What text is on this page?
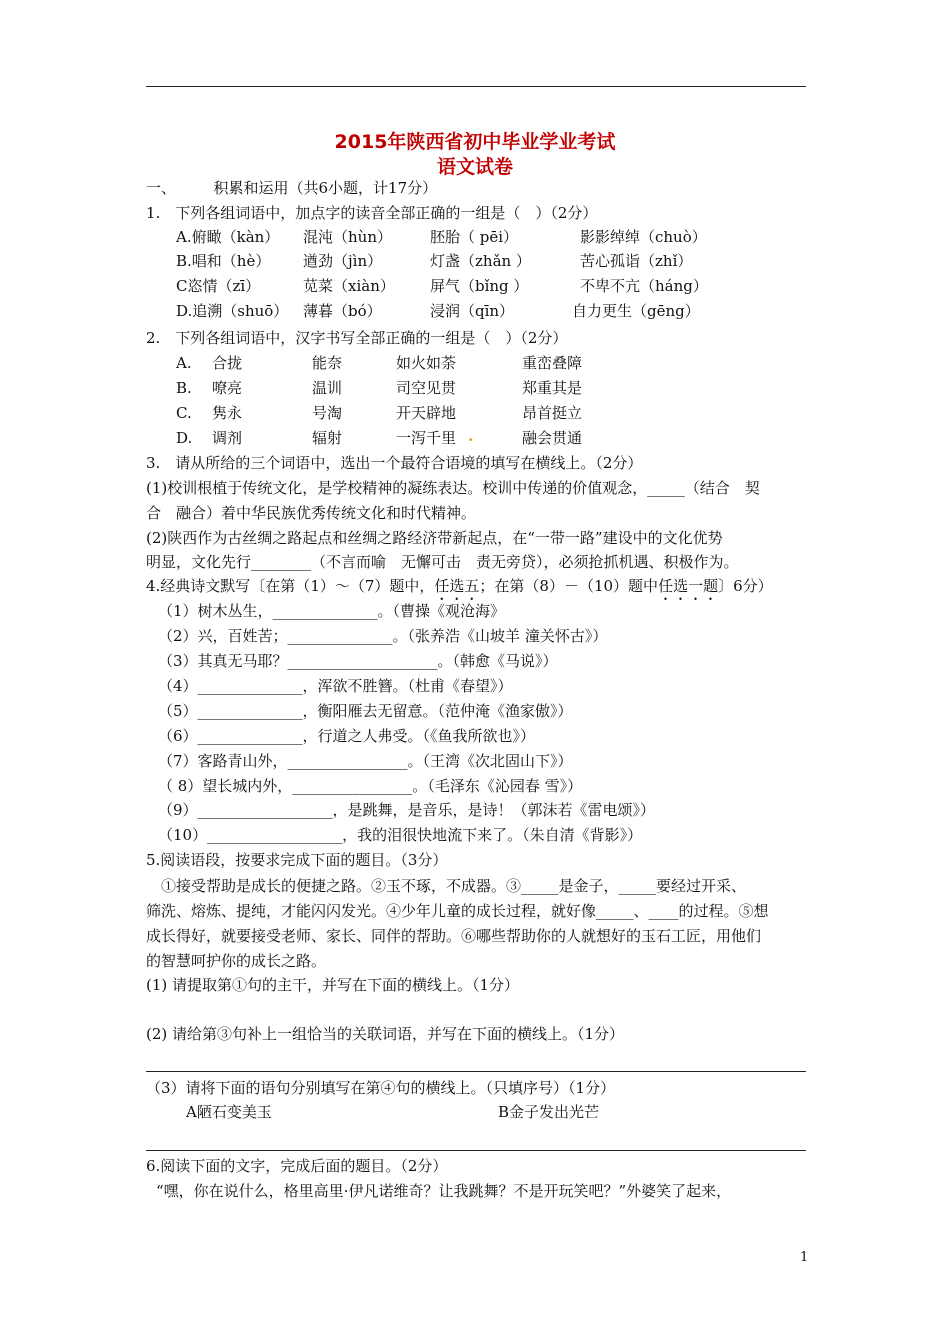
2015年陕西省初中毕业学业考试
语文试卷
一、　　　积累和运用（共6小题，计17分）
1.　下列各组词语中，加点字的读音全部正确的一组是（　）（2分）
A.俯瞰（kàn） 混沌（hùn）	胚胎（ pēi）	影影绰绰（chuò）
B.唱和（hè） 遒劲（jìn）	灯盏（zhǎn ）	苦心孤诣（zhǐ）
C恣情（zī）	苋菜（xiàn） 屏气（bǐng ）	不卑不亢（háng）
D.追溯（shuō） 薄暮（bó）	浸润（qīn）	自力更生（gēng）
2.　下列各组词语中，汉字书写全部正确的一组是（　）（2分）
A. 合拢	能奈	如火如荼	重峦叠障
B. 嘹亮	温训	司空见贯	郑重其是
C. 隽永	号淘	开天辟地	昂首挺立
D. 调剂	辐射	一泻千里 .	融会贯通
3.　请从所给的三个词语中，选出一个最符合语境的填写在横线上。（2分）
(1)校训根植于传统文化，是学校精神的凝练表达。校训中传递的价值观念，_____（结合　契
合　融合）着中华民族优秀传统文化和时代精神。
(2)陕西作为古丝绸之路起点和丝绸之路经济带新起点，在“一带一路”建设中的文化优势
明显，文化先行________（不言而喻　无懈可击　责无旁贷），必须抢抓机遇、积极作为。
4.经典诗文默写〔在第（1）～（7）题中，任选五；在第（8）－（10）题中任选一题〕6分）
（1）树木丛生，______________。（曹操《观沧海》
（2）兴，百姓苦；______________。（张养浩《山坡羊 潼关怀古》）
（3）其真无马耶？____________________。（韩愈《马说》）
（4）______________，浑欲不胜簪。（杜甫《春望》）
（5）______________，衡阳雁去无留意。（范仲淹《渔家傲》）
（6）______________，行道之人弗受。（《鱼我所欲也》）
（7）客路青山外，________________。（王湾《次北固山下》）
（ 8）望长城内外，________________。（毛泽东《沁园春 雪》）
（9）__________________，是跳舞，是音乐，是诗！（郭沫若《雷电颂》）
（10）__________________，我的泪很快地流下来了。（朱自清《背影》）
5.阅读语段，按要求完成下面的题目。（3分）
　①接受帮助是成长的便捷之路。②玉不琢，不成器。③_____是金子，_____要经过开采、
筛洗、熔炼、提纯，才能闪闪发光。④少年儿童的成长过程，就好像_____、____的过程。⑤想
成长得好，就要接受老师、家长、同伴的帮助。⑥哪些帮助你的人就想好的玉石工匠，用他们
的智慧呵护你的成长之路。
(1) 请提取第①句的主干，并写在下面的横线上。（1分）
(2) 请给第③句补上一组恰当的关联词语，并写在下面的横线上。（1分）
（3）请将下面的语句分别填写在第④句的横线上。（只填序号）（1分）
A陋石变美玉	B金子发出光芒
6.阅读下面的文字，完成后面的题目。（2分）
“嘿，你在说什么，格里高里·伊凡诺维奇？让我跳舞？不是开玩笑吧？”外婆笑了起来，
1
